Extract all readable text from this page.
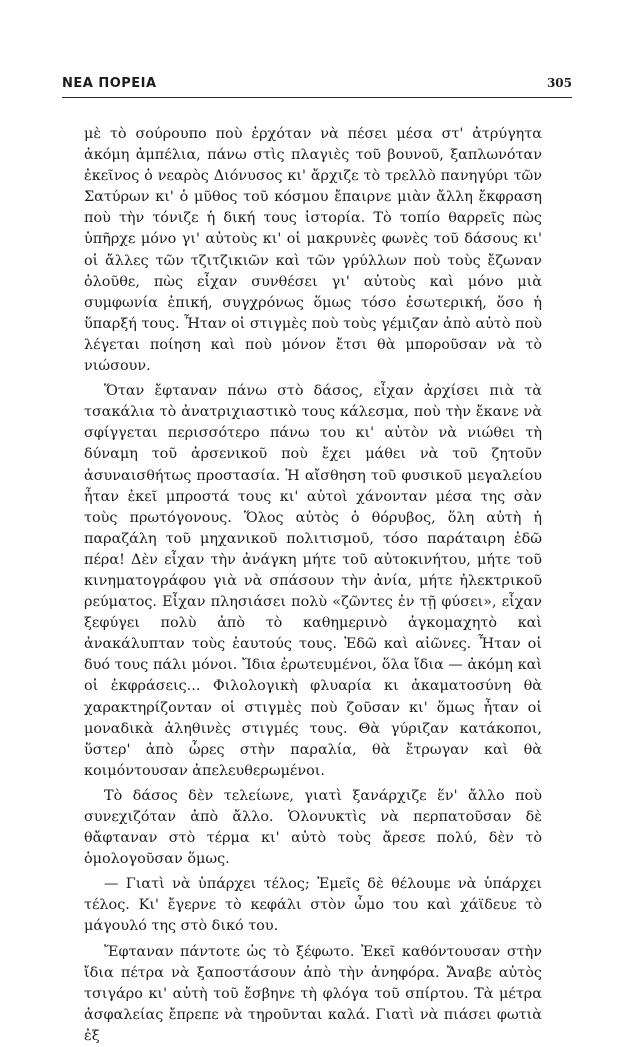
ΝΕΑ ΠΟΡΕΙΑ	305

μὲ τὸ σούρουπο ποὺ ἐρχόταν νὰ πέσει μέσα στ' ἀτρύγητα ἀκόμη ἀμπέλια, πάνω στὶς πλαγιὲς τοῦ βουνοῦ, ξαπλωνόταν ἐκεῖνος ὁ νεαρὸς Διόνυσος κι' ἄρχιζε τὸ τρελλὸ πανηγύρι τῶν Σατύρων κι' ὁ μῦθος τοῦ κόσμου ἔπαιρνε μιὰν ἄλλη ἔκφραση ποὺ τὴν τόνιζε ἡ δική τους ἱστορία. Τὸ τοπίο θαρρεῖς πὼς ὑπῆρχε μόνο γι' αὐτοὺς κι' οἱ μακρυνὲς φωνὲς τοῦ δάσους κι' οἱ ἄλλες τῶν τζιτζικιῶν καὶ τῶν γρύλλων ποὺ τοὺς ἔζωναν ὁλοῦθε, πὼς εἶχαν συνθέσει γι' αὐτοὺς καὶ μόνο μιὰ συμφωνία ἐπική, συγχρόνως ὅμως τόσο ἐσωτερική, ὅσο ἡ ὕπαρξή τους. Ἦταν οἱ στιγμὲς ποὺ τοὺς γέμιζαν ἀπὸ αὐτὸ ποὺ λέγεται ποίηση καὶ ποὺ μόνον ἔτσι θὰ μποροῦσαν νὰ τὸ νιώσουν.

Ὅταν ἔφταναν πάνω στὸ δάσος, εἶχαν ἀρχίσει πιὰ τὰ τσακάλια τὸ ἀνατριχιαστικὸ τους κάλεσμα, ποὺ τὴν ἔκανε νὰ σφίγγεται περισσότερο πάνω του κι' αὐτὸν νὰ νιώθει τὴ δύναμη τοῦ ἀρσενικοῦ ποὺ ἔχει μάθει νὰ τοῦ ζητοῦν ἀσυναισθήτως προστασία. Ἡ αἴσθηση τοῦ φυσικοῦ μεγαλείου ἦταν ἐκεῖ μπροστά τους κι' αὐτοὶ χάνονταν μέσα της σὰν τοὺς πρωτόγονους. Ὅλος αὐτὸς ὁ θόρυβος, ὅλη αὐτὴ ἡ παραζάλη τοῦ μηχανικοῦ πολιτισμοῦ, τόσο παράταιρη ἐδῶ πέρα! Δὲν εἶχαν τὴν ἀνάγκη μήτε τοῦ αὐτοκινήτου, μήτε τοῦ κινηματογράφου γιὰ νὰ σπάσουν τὴν ἀνία, μήτε ἠλεκτρικοῦ ρεύματος. Εἶχαν πλησιάσει πολὺ «ζῶντες ἐν τῇ φύσει», εἶχαν ξεφύγει πολὺ ἀπὸ τὸ καθημερινὸ ἀγκομαχητὸ καὶ ἀνακάλυπταν τοὺς ἑαυτούς τους. Ἐδῶ καὶ αἰῶνες. Ἦταν οἱ δυό τους πάλι μόνοι. Ἴδια ἐρωτευμένοι, ὅλα ἴδια — ἀκόμη καὶ οἱ ἐκφράσεις... Φιλολογικὴ φλυαρία κι ἀκαματοσύνη θὰ χαρακτηρίζονταν οἱ στιγμὲς ποὺ ζοῦσαν κι' ὅμως ἦταν οἱ μοναδικὰ ἀληθινὲς στιγμές τους. Θὰ γύριζαν κατάκοποι, ὕστερ' ἀπὸ ὧρες στὴν παραλία, θὰ ἔτρωγαν καὶ θὰ κοιμόντουσαν ἀπελευθερωμένοι.

Τὸ δάσος δὲν τελείωνε, γιατὶ ξανάρχιζε ἕν' ἄλλο ποὺ συνεχιζόταν ἀπὸ ἄλλο. Ὁλονυκτὶς νὰ περπατοῦσαν δὲ θἄφταναν στὸ τέρμα κι' αὐτὸ τοὺς ἄρεσε πολύ, δὲν τὸ ὁμολογοῦσαν ὅμως.

— Γιατὶ νὰ ὑπάρχει τέλος; Ἐμεῖς δὲ θέλουμε νὰ ὑπάρχει τέλος. Κι' ἔγερνε τὸ κεφάλι στὸν ὦμο του καὶ χάϊδευε τὸ μάγουλό της στὸ δικό του.

Ἔφταναν πάντοτε ὡς τὸ ξέφωτο. Ἐκεῖ καθόντουσαν στὴν ἴδια πέτρα νὰ ξαποστάσουν ἀπὸ τὴν ἀνηφόρα. Ἄναβε αὐτὸς τσιγάρο κι' αὐτὴ τοῦ ἔσβηνε τὴ φλόγα τοῦ σπίρτου. Τὰ μέτρα ἀσφαλείας ἔπρεπε νὰ τηροῦνται καλά. Γιατὶ νὰ πιάσει φωτιὰ ἐξ
